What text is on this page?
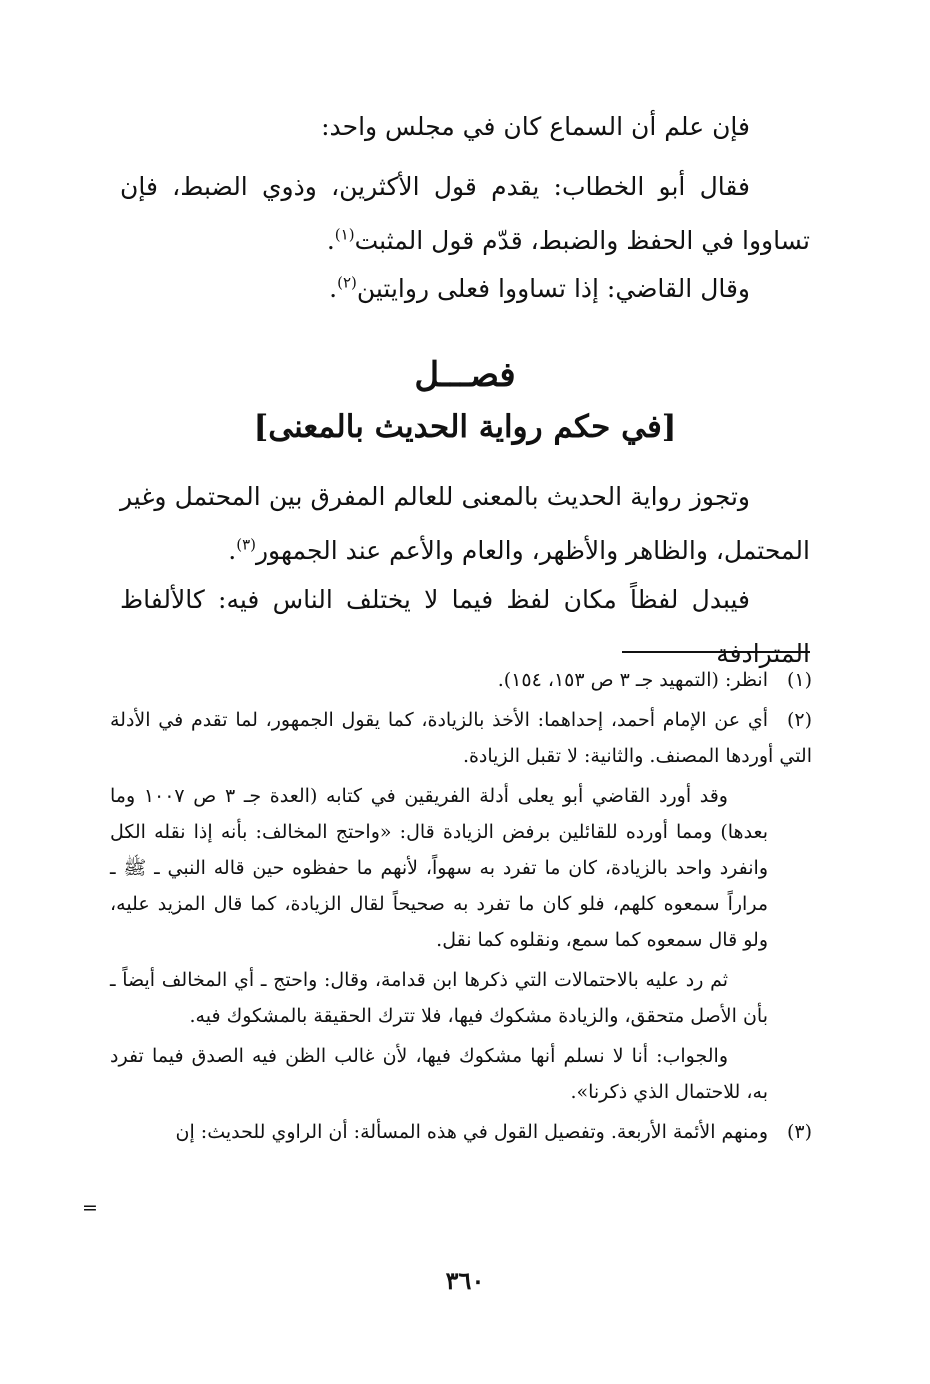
فإن علم أن السماع كان في مجلس واحد:

فقال أبو الخطاب: يقدم قول الأكثرين، وذوي الضبط، فإن تساووا في الحفظ والضبط، قدّم قول المثبت$^{(١)}$.

وقال القاضي: إذا تساووا فعلى روايتين$^{(٢)}$.

فصـــل
[في حكم رواية الحديث بالمعنى]

وتجوز رواية الحديث بالمعنى للعالم المفرق بين المحتمل وغير المحتمل، والظاهر والأظهر، والعام والأعم عند الجمهور$^{(٣)}$.

فيبدل لفظاً مكان لفظ فيما لا يختلف الناس فيه: كالألفاظ المترادفة

(١)انظر: (التمهيد جـ ٣ ص ١٥٣، ١٥٤).

(٢)أي عن الإمام أحمد، إحداهما: الأخذ بالزيادة، كما يقول الجمهور، لما تقدم في الأدلة التي أوردها المصنف. والثانية: لا تقبل الزيادة.

وقد أورد القاضي أبو يعلى أدلة الفريقين في كتابه (العدة جـ ٣ ص ١٠٠٧ وما بعدها) ومما أورده للقائلين برفض الزيادة قال: «واحتج المخالف: بأنه إذا نقله الكل وانفرد واحد بالزيادة، كان ما تفرد به سهواً، لأنهم ما حفظوه حين قاله النبي ـ ﷺ ـ مراراً سمعوه كلهم، فلو كان ما تفرد به صحيحاً لقال الزيادة، كما قال المزيد عليه، ولو قال سمعوه كما سمع، ونقلوه كما نقل.

ثم رد عليه بالاحتمالات التي ذكرها ابن قدامة، وقال: واحتج ـ أي المخالف أيضاً ـ بأن الأصل متحقق، والزيادة مشكوك فيها، فلا تترك الحقيقة بالمشكوك فيه.

والجواب: أنا لا نسلم أنها مشكوك فيها، لأن غالب الظن فيه الصدق فيما تفرد به، للاحتمال الذي ذكرنا».

(٣)ومنهم الأئمة الأربعة. وتفصيل القول في هذه المسألة: أن الراوي للحديث: إن

=
٣٦٠
